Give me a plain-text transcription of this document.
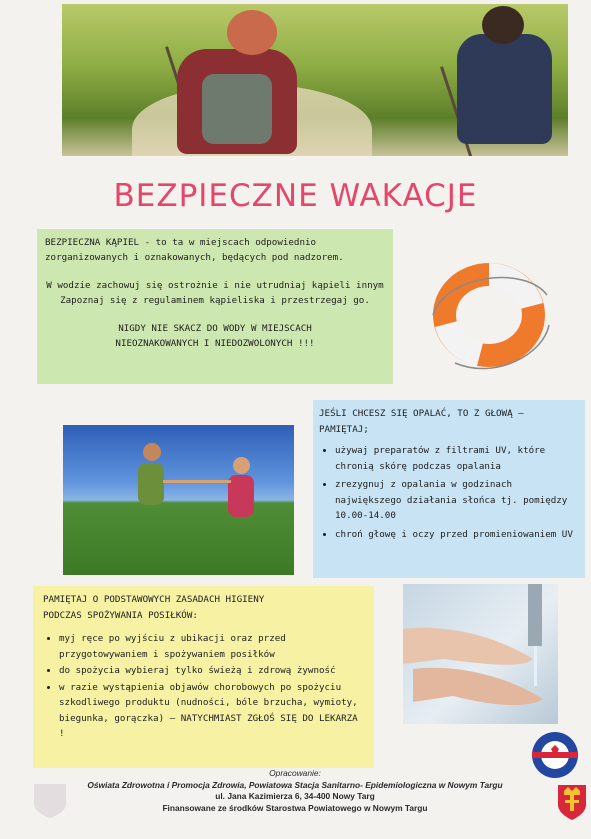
BEZPIECZNE WAKACJE

BEZPIECZNA KĄPIEL - to ta w miejscach odpowiednio

zorganizowanych i oznakowanych, będących pod nadzorem.

W wodzie zachowuj się ostrożnie i nie utrudniaj kąpieli innym

Zapoznaj się z regulaminem kąpieliska i przestrzegaj go.

NIGDY NIE SKACZ DO WODY W MIEJSCACH

NIEOZNAKOWANYCH I NIEDOZWOLONYCH !!!

JEŚLI CHCESZ SIĘ OPALAĆ, TO Z GŁOWĄ –

PAMIĘTAJ;

• używaj preparatów z filtrami UV, które chronią skórę podczas opalania
• zrezygnuj z opalania w godzinach największego działania słońca tj. pomiędzy 10.00-14.00
• chroń głowę i oczy przed promieniowaniem UV

PAMIĘTAJ O PODSTAWOWYCH ZASADACH HIGIENY

PODCZAS SPOŻYWANIA POSIŁKÓW:

• myj ręce po wyjściu z ubikacji oraz przed przygotowywaniem i spożywaniem posiłków
• do spożycia wybieraj tylko świeżą i zdrową żywność
• w razie wystąpienia objawów chorobowych po spożyciu szkodliwego produktu (nudności, bóle brzucha, wymioty, biegunka, gorączka) – NATYCHMIAST ZGŁOŚ SIĘ DO LEKARZA !
Opracowanie:
Oświata Zdrowotna i Promocja Zdrowia, Powiatowa Stacja Sanitarno- Epidemiologiczna w Nowym Targu
ul. Jana Kazimierza 6, 34-400 Nowy Targ
Finansowane ze środków Starostwa Powiatowego w Nowym Targu
